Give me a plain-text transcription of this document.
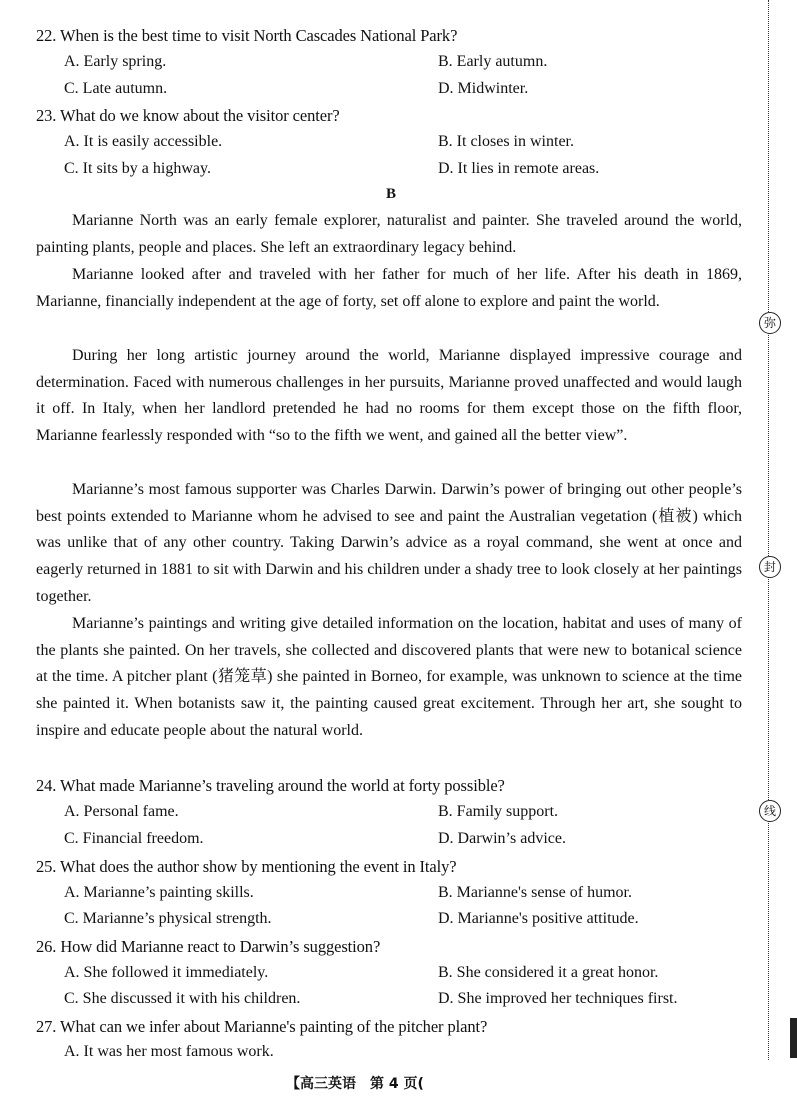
22. When is the best time to visit North Cascades National Park?
A. Early spring.	B. Early autumn.
C. Late autumn.	D. Midwinter.
23. What do we know about the visitor center?
A. It is easily accessible.	B. It closes in winter.
C. It sits by a highway.	D. It lies in remote areas.
B
Marianne North was an early female explorer, naturalist and painter. She traveled around the world, painting plants, people and places. She left an extraordinary legacy behind.
Marianne looked after and traveled with her father for much of her life. After his death in 1869, Marianne, financially independent at the age of forty, set off alone to explore and paint the world.
During her long artistic journey around the world, Marianne displayed impressive courage and determination. Faced with numerous challenges in her pursuits, Marianne proved unaffected and would laugh it off. In Italy, when her landlord pretended he had no rooms for them except those on the fifth floor, Marianne fearlessly responded with “so to the fifth we went, and gained all the better view”.
Marianne’s most famous supporter was Charles Darwin. Darwin’s power of bringing out other people’s best points extended to Marianne whom he advised to see and paint the Australian vegetation (植被) which was unlike that of any other country. Taking Darwin’s advice as a royal command, she went at once and eagerly returned in 1881 to sit with Darwin and his children under a shady tree to look closely at her paintings together.
Marianne’s paintings and writing give detailed information on the location, habitat and uses of many of the plants she painted. On her travels, she collected and discovered plants that were new to botanical science at the time. A pitcher plant (猪笼草) she painted in Borneo, for example, was unknown to science at the time she painted it. When botanists saw it, the painting caused great excitement. Through her art, she sought to inspire and educate people about the natural world.
24. What made Marianne’s traveling around the world at forty possible?
A. Personal fame.	B. Family support.
C. Financial freedom.	D. Darwin’s advice.
25. What does the author show by mentioning the event in Italy?
A. Marianne’s painting skills.	B. Marianne's sense of humor.
C. Marianne’s physical strength.	D. Marianne's positive attitude.
26. How did Marianne react to Darwin’s suggestion?
A. She followed it immediately.	B. She considered it a great honor.
C. She discussed it with his children.	D. She improved her techniques first.
27. What can we infer about Marianne's painting of the pitcher plant?
A. It was her most famous work.
弥
封
线
【高三英语　第 4 页(
